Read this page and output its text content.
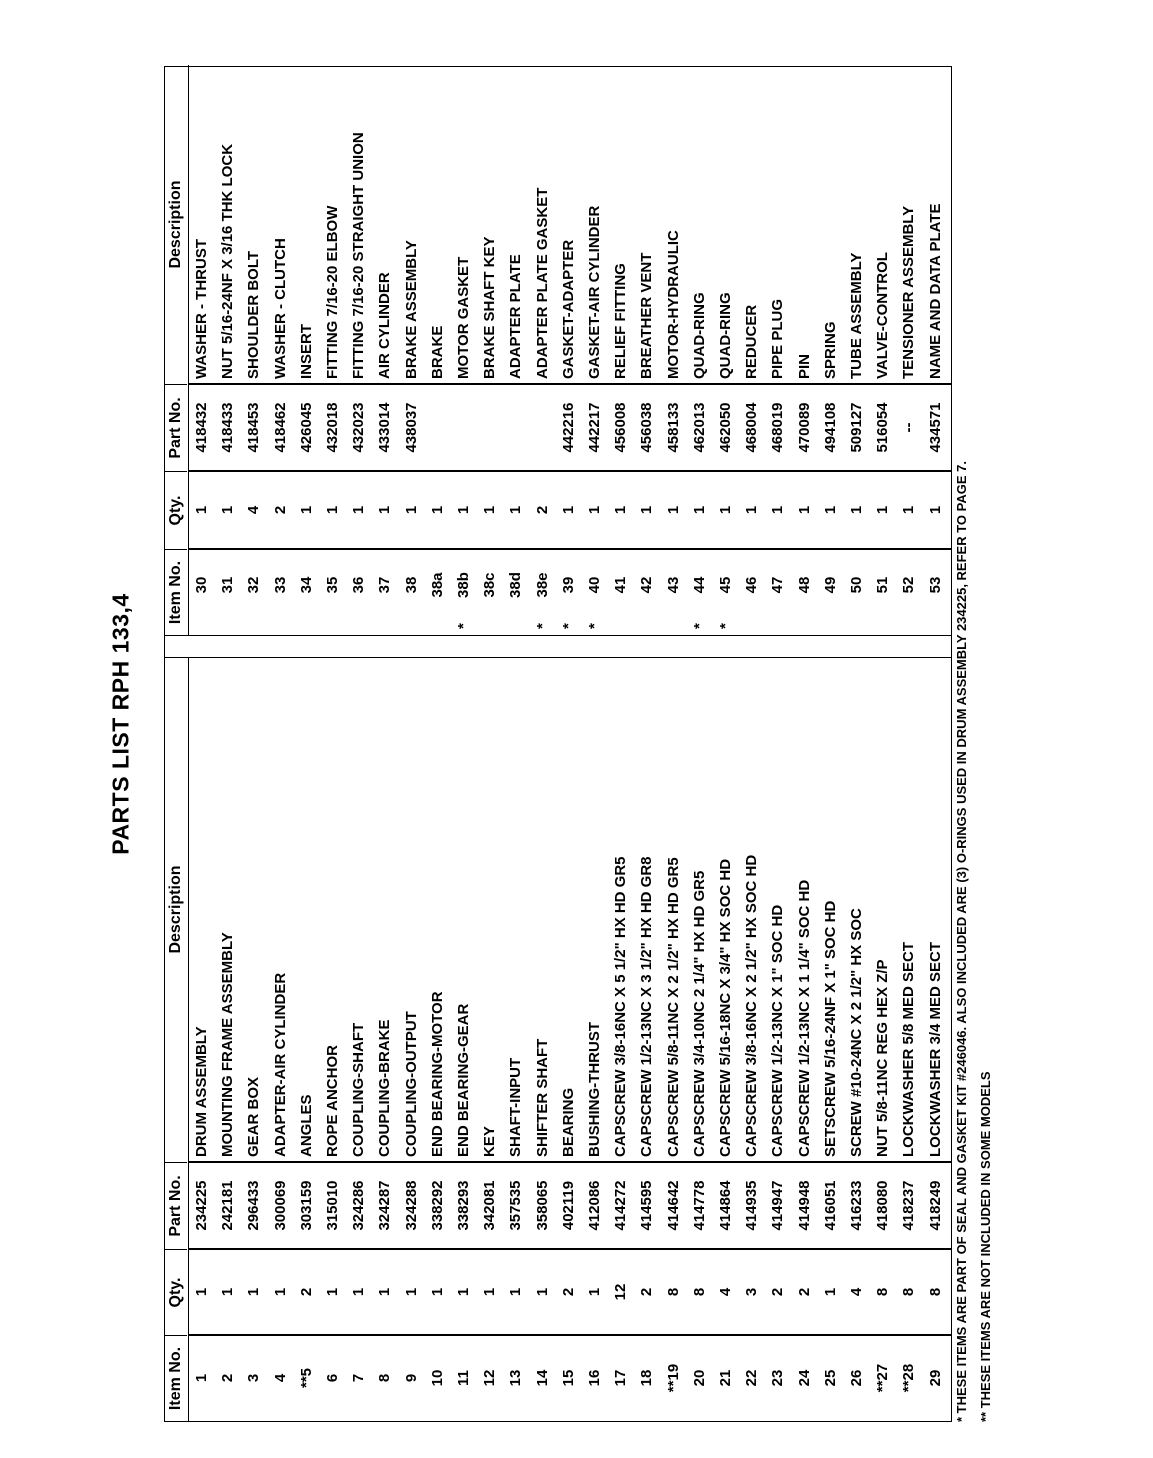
PARTS LIST RPH 133,4
Item No.
Qty.
Part No.
Description
1
1
234225
DRUM ASSEMBLY
2
1
242181
MOUNTING FRAME ASSEMBLY
3
1
296433
GEAR BOX
4
1
300069
ADAPTER-AIR CYLINDER
**5
2
303159
ANGLES
6
1
315010
ROPE ANCHOR
7
1
324286
COUPLING-SHAFT
8
1
324287
COUPLING-BRAKE
9
1
324288
COUPLING-OUTPUT
10
1
338292
END BEARING-MOTOR
11
1
338293
END BEARING-GEAR
12
1
342081
KEY
13
1
357535
SHAFT-INPUT
14
1
358065
SHIFTER SHAFT
15
2
402119
BEARING
16
1
412086
BUSHING-THRUST
17
12
414272
CAPSCREW 3/8-16NC X 5 1/2" HX HD GR5
18
2
414595
CAPSCREW 1/2-13NC X 3 1/2" HX HD GR8
**19
8
414642
CAPSCREW 5/8-11NC X 2 1/2" HX HD GR5
20
8
414778
CAPSCREW 3/4-10NC 2 1/4" HX HD GR5
21
4
414864
CAPSCREW 5/16-18NC X 3/4" HX SOC HD
22
3
414935
CAPSCREW 3/8-16NC X 2 1/2" HX SOC HD
23
2
414947
CAPSCREW 1/2-13NC X 1" SOC HD
24
2
414948
CAPSCREW 1/2-13NC X 1 1/4" SOC HD
25
1
416051
SETSCREW 5/16-24NF X 1" SOC HD
26
4
416233
SCREW #10-24NC X 2 1/2" HX SOC
**27
8
418080
NUT 5/8-11NC REG HEX Z/P
**28
8
418237
LOCKWASHER 5/8 MED SECT
29
8
418249
LOCKWASHER 3/4 MED SECT
Item No.
Qty.
Part No.
Description
30
1
418432
WASHER - THRUST
31
1
418433
NUT 5/16-24NF X 3/16 THK LOCK
32
4
418453
SHOULDER BOLT
33
2
418462
WASHER - CLUTCH
34
1
426045
INSERT
35
1
432018
FITTING 7/16-20 ELBOW
36
1
432023
FITTING 7/16-20 STRAIGHT UNION
37
1
433014
AIR CYLINDER
38
1
438037
BRAKE ASSEMBLY
38a
1
BRAKE
38b
1
MOTOR GASKET
*
38c
1
BRAKE SHAFT KEY
38d
1
ADAPTER PLATE
38e
2
ADAPTER PLATE GASKET
*
39
1
442216
GASKET-ADAPTER
*
40
1
442217
GASKET-AIR CYLINDER
*
41
1
456008
RELIEF FITTING
42
1
456038
BREATHER VENT
43
1
458133
MOTOR-HYDRAULIC
44
1
462013
QUAD-RING
*
45
1
462050
QUAD-RING
*
46
1
468004
REDUCER
47
1
468019
PIPE PLUG
48
1
470089
PIN
49
1
494108
SPRING
50
1
509127
TUBE ASSEMBLY
51
1
516054
VALVE-CONTROL
52
1
--
TENSIONER ASSEMBLY
53
1
434571
NAME AND DATA PLATE
* THESE ITEMS ARE PART OF SEAL AND GASKET KIT #246046. ALSO INCLUDED ARE (3) O-RINGS USED IN DRUM ASSEMBLY 234225, REFER TO PAGE 7. ** THESE ITEMS ARE NOT INCLUDED IN SOME MODELS
